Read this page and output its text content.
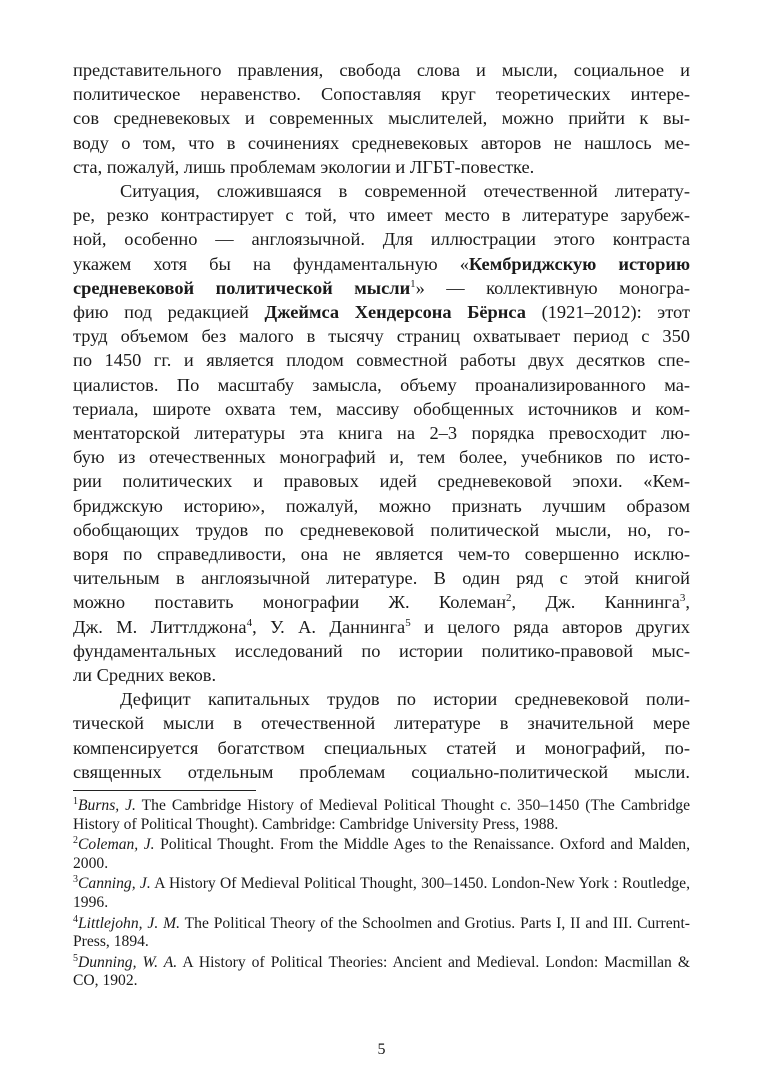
представительного правления, свобода слова и мысли, социальное и
политическое неравенство. Сопоставляя круг теоретических интере-
сов средневековых и современных мыслителей, можно прийти к вы-
воду о том, что в сочинениях средневековых авторов не нашлось ме-
ста, пожалуй, лишь проблемам экологии и ЛГБТ-повестке.

Ситуация, сложившаяся в современной отечественной литерату-
ре, резко контрастирует с той, что имеет место в литературе зарубеж-
ной, особенно — англоязычной. Для иллюстрации этого контраста
укажем хотя бы на фундаментальную «Кембриджскую историю
средневековой политической мысли$^1$» — коллективную моногра-
фию под редакцией Джеймса Хендерсона Бёрнса (1921–2012): этот
труд объемом без малого в тысячу страниц охватывает период с 350
по 1450 гг. и является плодом совместной работы двух десятков спе-
циалистов. По масштабу замысла, объему проанализированного ма-
териала, широте охвата тем, массиву обобщенных источников и ком-
ментаторской литературы эта книга на 2–3 порядка превосходит лю-
бую из отечественных монографий и, тем более, учебников по исто-
рии политических и правовых идей средневековой эпохи. «Кем-
бриджскую историю», пожалуй, можно признать лучшим образом
обобщающих трудов по средневековой политической мысли, но, го-
воря по справедливости, она не является чем-то совершенно исклю-
чительным в англоязычной литературе. В один ряд с этой книгой
можно поставить монографии Ж. Колеман$^2$, Дж. Каннинга$^3$,
Дж. М. Литтлджона$^4$, У. А. Даннинга$^5$ и целого ряда авторов других
фундаментальных исследований по истории политико-правовой мыс-
ли Средних веков.

Дефицит капитальных трудов по истории средневековой поли-
тической мысли в отечественной литературе в значительной мере
компенсируется богатством специальных статей и монографий, по-
священных отдельным проблемам социально-политической мысли.

$^1$Burns, J. The Cambridge History of Medieval Political Thought c. 350–1450 (The Cambridge History of Political Thought). Cambridge: Cambridge University Press, 1988.

$^2$Coleman, J. Political Thought. From the Middle Ages to the Renaissance. Oxford and Malden, 2000.

$^3$Canning, J. A History Of Medieval Political Thought, 300–1450. London-New York : Routledge, 1996.

$^4$Littlejohn, J. M. The Political Theory of the Schoolmen and Grotius. Parts I, II and III. Current-Press, 1894.

$^5$Dunning, W. A. A History of Political Theories: Ancient and Medieval. London: Macmillan & CO, 1902.

5
